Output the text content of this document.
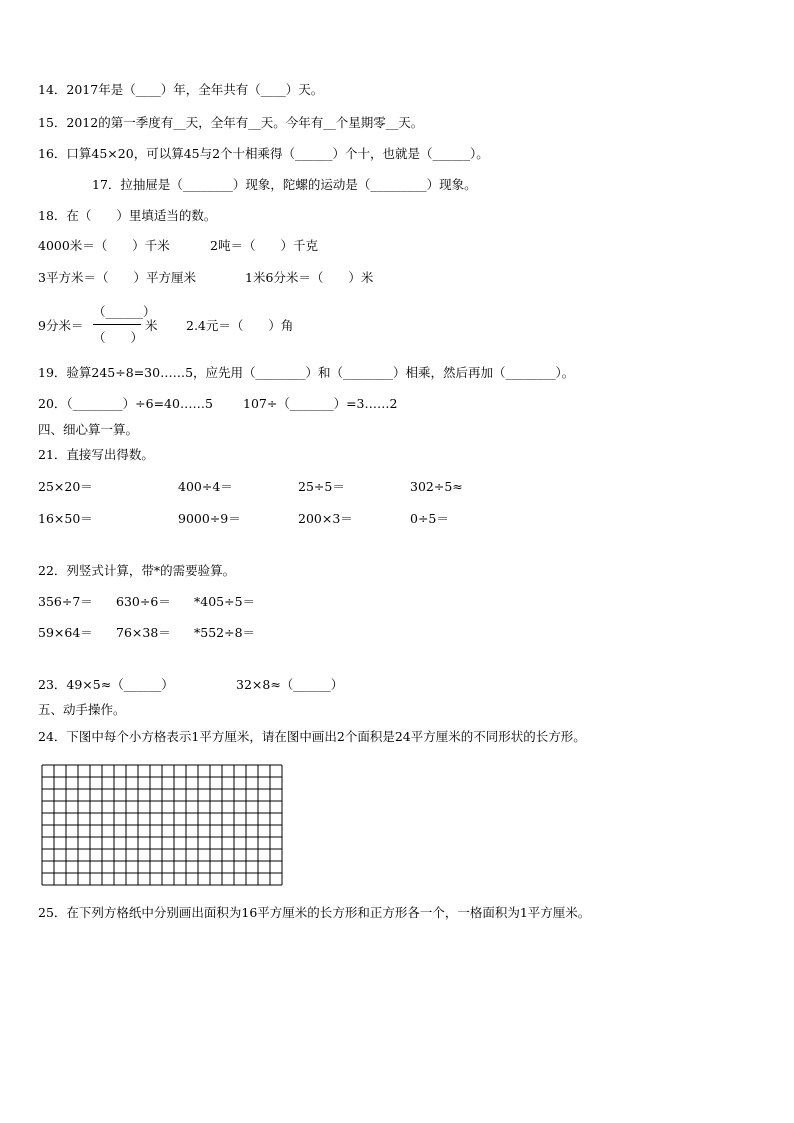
14．2017年是（____）年，全年共有（____）天。
15．2012的第一季度有__天，全年有__天。今年有__个星期零__天。
16．口算45×20，可以算45与2个十相乘得（______）个十，也就是（______）。
17．拉抽屉是（________）现象，陀螺的运动是（_________）现象。
18．在（　　）里填适当的数。
4000米＝（　　）千米	2吨＝（　　）千克
3平方米＝（　　）平方厘米	1米6分米＝（　　）米
9分米＝
（______）
（　　）
米 2.4元＝（　　）角
19．验算245÷8=30……5，应先用（________）和（________）相乘，然后再加（________）。
20．（________）÷6=40……5 107÷（_______）=3……2
四、细心算一算。
21．直接写出得数。
25×20＝	400÷4＝	25÷5＝	302÷5≈
16×50＝	9000÷9＝	200×3＝	0÷5＝
22．列竖式计算，带*的需要验算。
356÷7＝ 630÷6＝ *405÷5＝
59×64＝ 76×38＝ *552÷8＝
23．49×5≈（______）	32×8≈（______）
五、动手操作。
24．下图中每个小方格表示1平方厘米，请在图中画出2个面积是24平方厘米的不同形状的长方形。
25．在下列方格纸中分别画出面积为16平方厘米的长方形和正方形各一个，一格面积为1平方厘米。
